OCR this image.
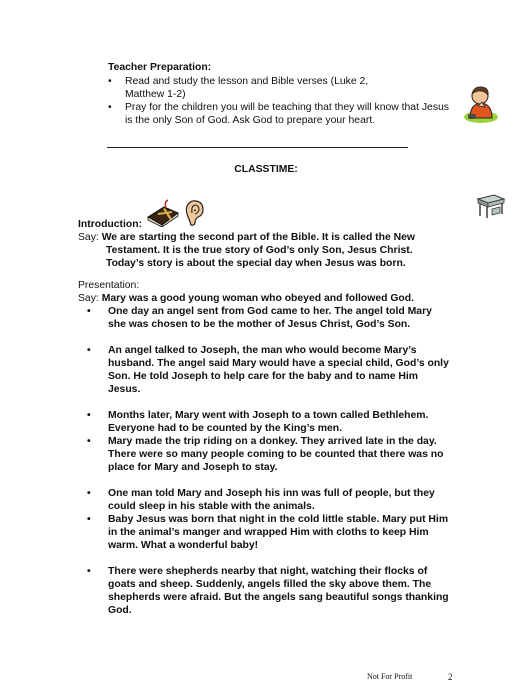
Teacher Preparation:
• Read and study the lesson and Bible verses (Luke 2,
Matthew 1-2)
• Pray for the children you will be teaching that they will know that Jesus
is the only Son of God. Ask God to prepare your heart.
CLASSTIME:
Introduction:
Say: We are starting the second part of the Bible. It is called the New
Testament. It is the true story of God’s only Son, Jesus Christ.
Today’s story is about the special day when Jesus was born.
Presentation:
Say: Mary was a good young woman who obeyed and followed God.
• One day an angel sent from God came to her. The angel told Mary
she was chosen to be the mother of Jesus Christ, God’s Son.
• An angel talked to Joseph, the man who would become Mary’s
husband. The angel said Mary would have a special child, God’s only
Son. He told Joseph to help care for the baby and to name Him
Jesus.
• Months later, Mary went with Joseph to a town called Bethlehem.
Everyone had to be counted by the King’s men.
• Mary made the trip riding on a donkey. They arrived late in the day.
There were so many people coming to be counted that there was no
place for Mary and Joseph to stay.
• One man told Mary and Joseph his inn was full of people, but they
could sleep in his stable with the animals.
• Baby Jesus was born that night in the cold little stable. Mary put Him
in the animal’s manger and wrapped Him with cloths to keep Him
warm. What a wonderful baby!
• There were shepherds nearby that night, watching their flocks of
goats and sheep. Suddenly, angels filled the sky above them. The
shepherds were afraid. But the angels sang beautiful songs thanking
God.
Not For Profit	2
